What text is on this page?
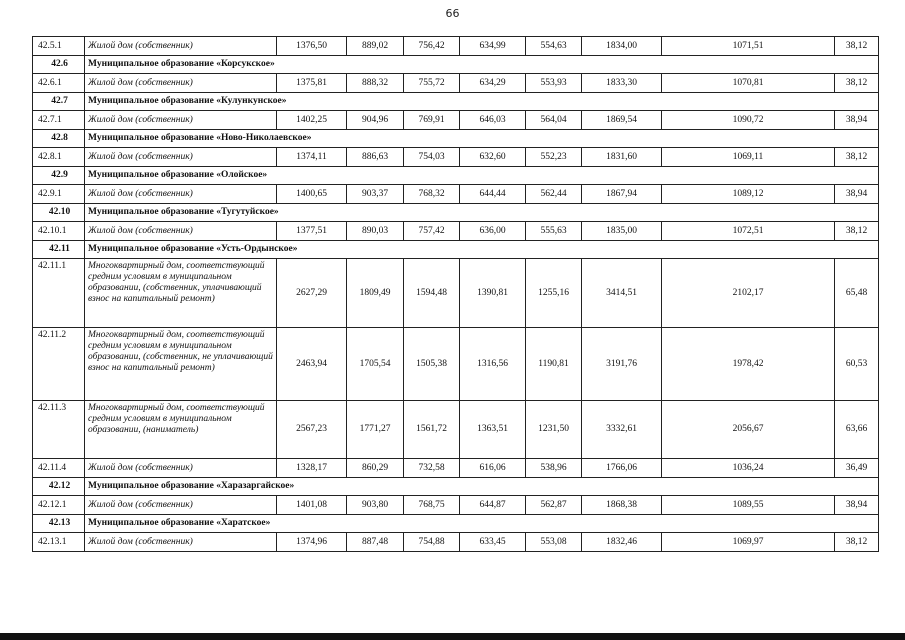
66
42.5.1	Жилой дом (собственник)	1376,50	889,02	756,42	634,99	554,63	1834,00	1071,51	38,12
42.6	Муниципальное образование «Корсукское»								
42.6.1	Жилой дом (собственник)	1375,81	888,32	755,72	634,29	553,93	1833,30	1070,81	38,12
42.7	Муниципальное образование «Кулункунское»								
42.7.1	Жилой дом (собственник)	1402,25	904,96	769,91	646,03	564,04	1869,54	1090,72	38,94
42.8	Муниципальное образование «Ново-Николаевское»								
42.8.1	Жилой дом (собственник)	1374,11	886,63	754,03	632,60	552,23	1831,60	1069,11	38,12
42.9	Муниципальное образование «Олойское»								
42.9.1	Жилой дом (собственник)	1400,65	903,37	768,32	644,44	562,44	1867,94	1089,12	38,94
42.10	Муниципальное образование «Тугутуйское»								
42.10.1	Жилой дом (собственник)	1377,51	890,03	757,42	636,00	555,63	1835,00	1072,51	38,12
42.11	Муниципальное образование «Усть-Ордынское»								
42.11.1	Многоквартирный дом, соответствующий средним условиям в муниципальном образовании, (собственник, уплачивающий взнос на капитальный ремонт)	2627,29	1809,49	1594,48	1390,81	1255,16	3414,51	2102,17	65,48
42.11.2	Многоквартирный дом, соответствующий средним условиям в муниципальном образовании, (собственник, не уплачивающий взнос на капитальный ремонт)	2463,94	1705,54	1505,38	1316,56	1190,81	3191,76	1978,42	60,53
42.11.3	Многоквартирный дом, соответствующий средним условиям в муниципальном образовании, (наниматель)	2567,23	1771,27	1561,72	1363,51	1231,50	3332,61	2056,67	63,66
42.11.4	Жилой дом (собственник)	1328,17	860,29	732,58	616,06	538,96	1766,06	1036,24	36,49
42.12	Муниципальное образование «Харазаргайское»								
42.12.1	Жилой дом (собственник)	1401,08	903,80	768,75	644,87	562,87	1868,38	1089,55	38,94
42.13	Муниципальное образование «Харатское»								
42.13.1	Жилой дом (собственник)	1374,96	887,48	754,88	633,45	553,08	1832,46	1069,97	38,12
